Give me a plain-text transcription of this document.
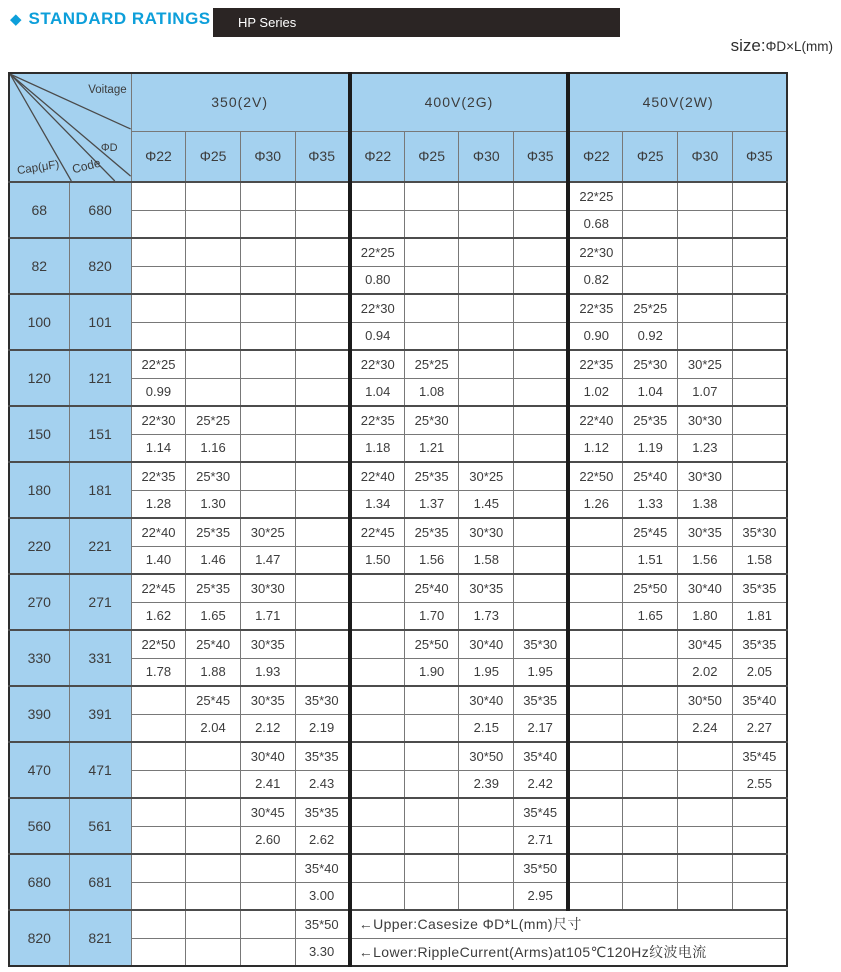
◆ STANDARD RATINGS HP Series
size:ΦD×L(mm)
Voitage
ΦD
Code
Cap(μF)		350(2V)				400V(2G)				450V(2W)			
		Φ22	Φ25	Φ30	Φ35	Φ22	Φ25	Φ30	Φ35	Φ22	Φ25	Φ30	Φ35
68	680									22*25			
										0.68			
82	820					22*25				22*30			
						0.80				0.82			
100	101					22*30				22*35	25*25		
						0.94				0.90	0.92		
120	121	22*25				22*30	25*25			22*35	25*30	30*25	
		0.99				1.04	1.08			1.02	1.04	1.07	
150	151	22*30	25*25			22*35	25*30			22*40	25*35	30*30	
		1.14	1.16			1.18	1.21			1.12	1.19	1.23	
180	181	22*35	25*30			22*40	25*35	30*25		22*50	25*40	30*30	
		1.28	1.30			1.34	1.37	1.45		1.26	1.33	1.38	
220	221	22*40	25*35	30*25		22*45	25*35	30*30			25*45	30*35	35*30
		1.40	1.46	1.47		1.50	1.56	1.58			1.51	1.56	1.58
270	271	22*45	25*35	30*30			25*40	30*35			25*50	30*40	35*35
		1.62	1.65	1.71			1.70	1.73			1.65	1.80	1.81
330	331	22*50	25*40	30*35			25*50	30*40	35*30			30*45	35*35
		1.78	1.88	1.93			1.90	1.95	1.95			2.02	2.05
390	391		25*45	30*35	35*30			30*40	35*35			30*50	35*40
			2.04	2.12	2.19			2.15	2.17			2.24	2.27
470	471			30*40	35*35			30*50	35*40				35*45
				2.41	2.43			2.39	2.42				2.55
560	561			30*45	35*35				35*45				
				2.60	2.62				2.71				
680	681				35*40				35*50				
					3.00				2.95				
820	821				35*50	←Upper:Casesize ΦD*L(mm)尺寸							
					3.30	←Lower:RippleCurrent(Arms)at105℃120Hz纹波电流							
